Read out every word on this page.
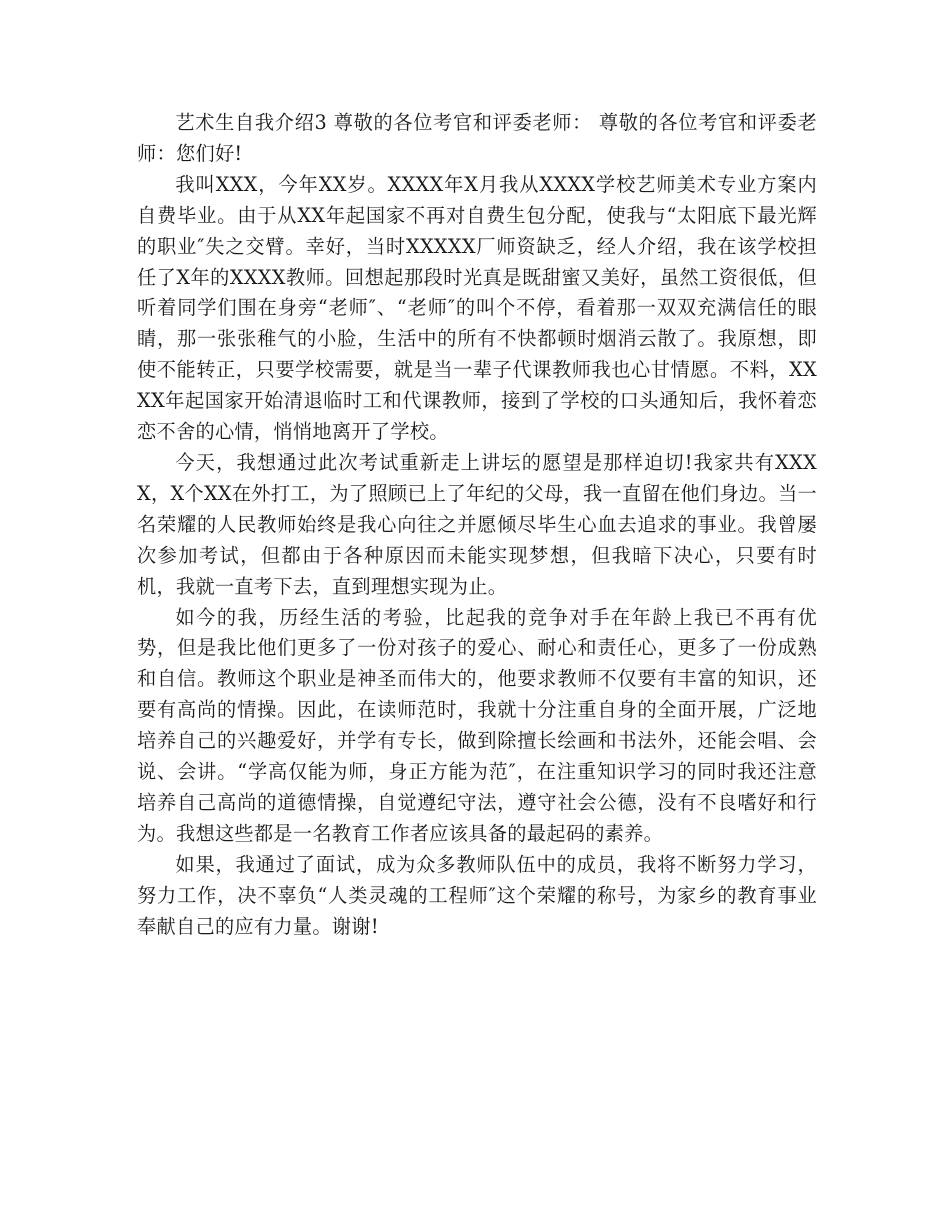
艺术生自我介绍3 尊敬的各位考官和评委老师： 尊敬的各位考官和评委老师：您们好!

我叫XXX，今年XX岁。XXXX年X月我从XXXX学校艺师美术专业方案内自费毕业。由于从XX年起国家不再对自费生包分配，使我与“太阳底下最光辉的职业″失之交臂。幸好，当时XXXXX厂师资缺乏，经人介绍，我在该学校担任了X年的XXXX教师。回想起那段时光真是既甜蜜又美好，虽然工资很低，但听着同学们围在身旁“老师″、“老师″的叫个不停，看着那一双双充满信任的眼睛，那一张张稚气的小脸，生活中的所有不快都顿时烟消云散了。我原想，即使不能转正，只要学校需要，就是当一辈子代课教师我也心甘情愿。不料，XXXX年起国家开始清退临时工和代课教师，接到了学校的口头通知后，我怀着恋恋不舍的心情，悄悄地离开了学校。

今天，我想通过此次考试重新走上讲坛的愿望是那样迫切!我家共有XXXX，X个XX在外打工，为了照顾已上了年纪的父母，我一直留在他们身边。当一名荣耀的人民教师始终是我心向往之并愿倾尽毕生心血去追求的事业。我曾屡次参加考试，但都由于各种原因而未能实现梦想，但我暗下决心，只要有时机，我就一直考下去，直到理想实现为止。

如今的我，历经生活的考验，比起我的竞争对手在年龄上我已不再有优势，但是我比他们更多了一份对孩子的爱心、耐心和责任心，更多了一份成熟和自信。教师这个职业是神圣而伟大的，他要求教师不仅要有丰富的知识，还要有高尚的情操。因此，在读师范时，我就十分注重自身的全面开展，广泛地培养自己的兴趣爱好，并学有专长，做到除擅长绘画和书法外，还能会唱、会说、会讲。“学高仅能为师，身正方能为范″，在注重知识学习的同时我还注意培养自己高尚的道德情操，自觉遵纪守法，遵守社会公德，没有不良嗜好和行为。我想这些都是一名教育工作者应该具备的最起码的素养。

如果，我通过了面试，成为众多教师队伍中的成员，我将不断努力学习，努力工作，决不辜负“人类灵魂的工程师″这个荣耀的称号，为家乡的教育事业奉献自己的应有力量。谢谢!
